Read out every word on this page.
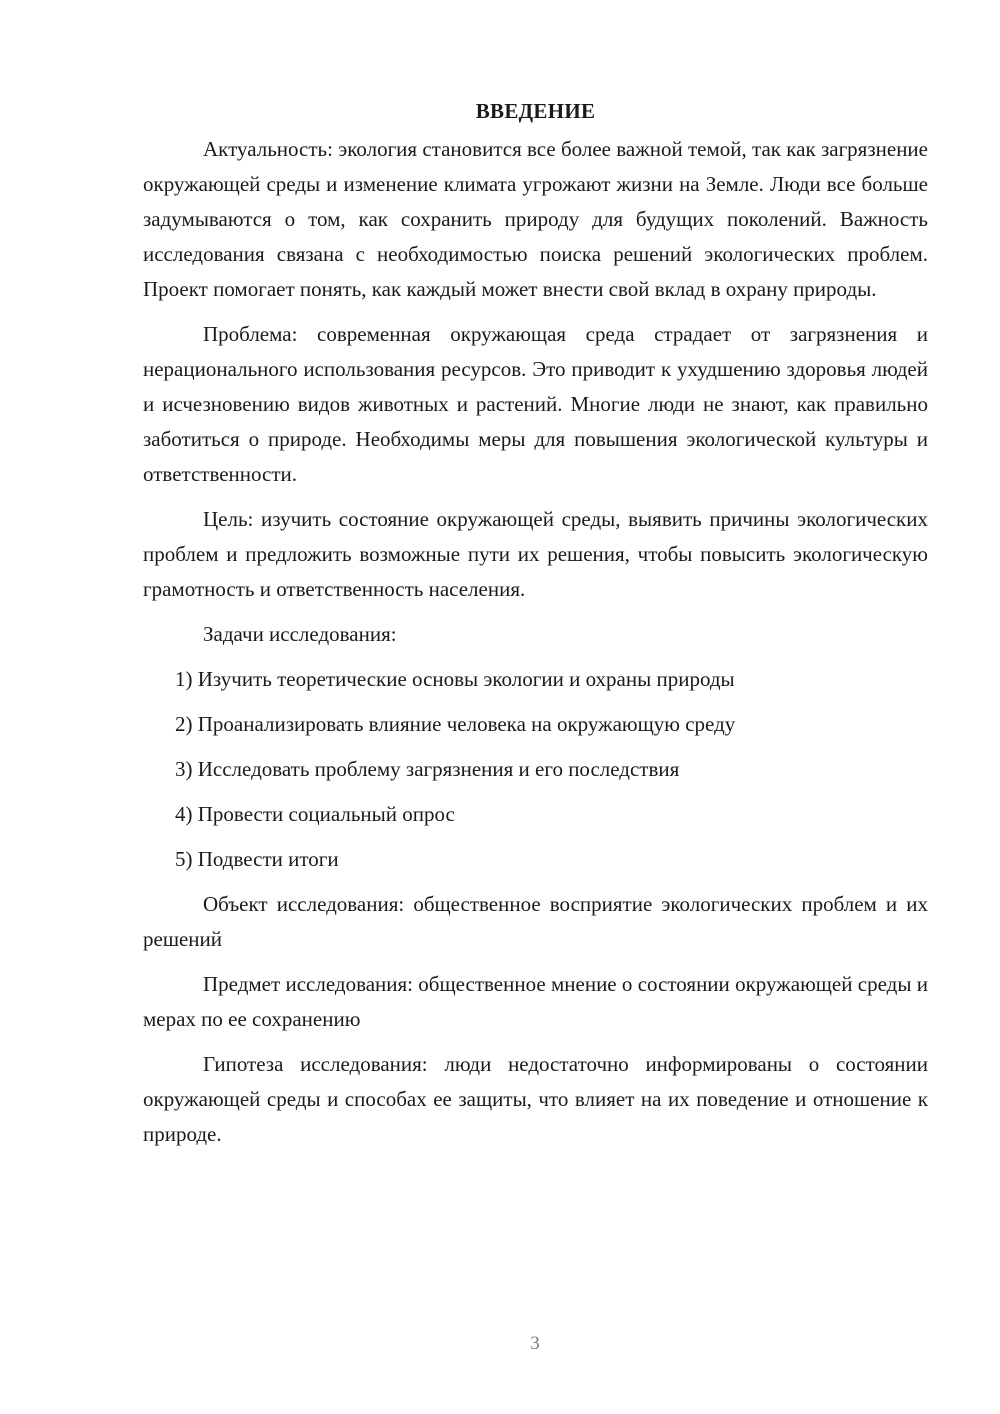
ВВЕДЕНИЕ

Актуальность: экология становится все более важной темой, так как загрязнение окружающей среды и изменение климата угрожают жизни на Земле. Люди все больше задумываются о том, как сохранить природу для будущих поколений. Важность исследования связана с необходимостью поиска решений экологических проблем. Проект помогает понять, как каждый может внести свой вклад в охрану природы.

Проблема: современная окружающая среда страдает от загрязнения и нерационального использования ресурсов. Это приводит к ухудшению здоровья людей и исчезновению видов животных и растений. Многие люди не знают, как правильно заботиться о природе. Необходимы меры для повышения экологической культуры и ответственности.

Цель: изучить состояние окружающей среды, выявить причины экологических проблем и предложить возможные пути их решения, чтобы повысить экологическую грамотность и ответственность населения.

Задачи исследования:

1) Изучить теоретические основы экологии и охраны природы
2) Проанализировать влияние человека на окружающую среду
3) Исследовать проблему загрязнения и его последствия
4) Провести социальный опрос
5) Подвести итоги

Объект исследования: общественное восприятие экологических проблем и их решений

Предмет исследования: общественное мнение о состоянии окружающей среды и мерах по ее сохранению

Гипотеза исследования: люди недостаточно информированы о состоянии окружающей среды и способах ее защиты, что влияет на их поведение и отношение к природе.

3
